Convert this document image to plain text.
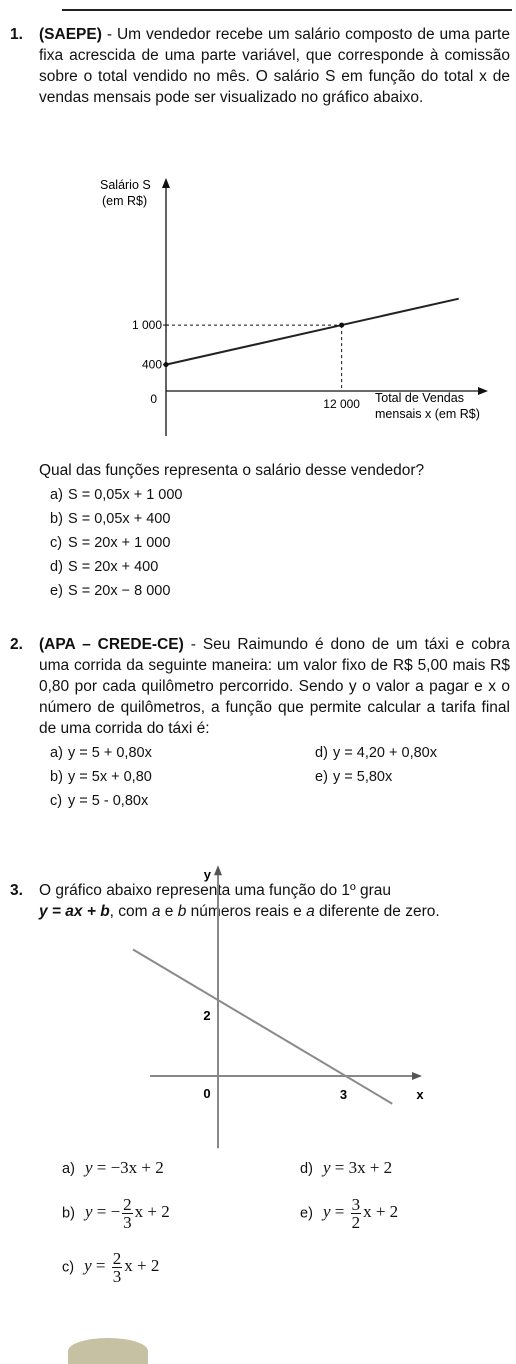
1. (SAEPE) - Um vendedor recebe um salário composto de uma parte fixa acrescida de uma parte variável, que corresponde à comissão sobre o total vendido no mês. O salário S em função do total x de vendas mensais pode ser visualizado no gráfico abaixo.
Salário S
(em R$)
Total de Vendas
mensais x (em R$)
0
400
1 000
12 000
Qual das funções representa o salário desse vendedor?
a) S = 0,05x + 1 000
b) S = 0,05x + 400
c) S = 20x + 1 000
d) S = 20x + 400
e) S = 20x − 8 000
2. (APA – CREDE-CE) - Seu Raimundo é dono de um táxi e cobra uma corrida da seguinte maneira: um valor fixo de R$ 5,00 mais R$ 0,80 por cada quilômetro percorrido. Sendo y o valor a pagar e x o número de quilômetros, a função que permite calcular a tarifa final de uma corrida do táxi é:
a) y = 5 + 0,80x
b) y = 5x + 0,80
c) y = 5 - 0,80x
d) y = 4,20 + 0,80x
e) y = 5,80x
3. O gráfico abaixo representa uma função do 1º grau
y = ax + b, com a e b números reais e a diferente de zero.
y
x
0
2
3
a) y = −3x + 2	d) y = 3x + 2
b) y = − $\frac{2}{3}$ x + 2	e) $y = \frac{3}{2}$ x + 2
c) $y = \frac{2}{3}$ x + 2
